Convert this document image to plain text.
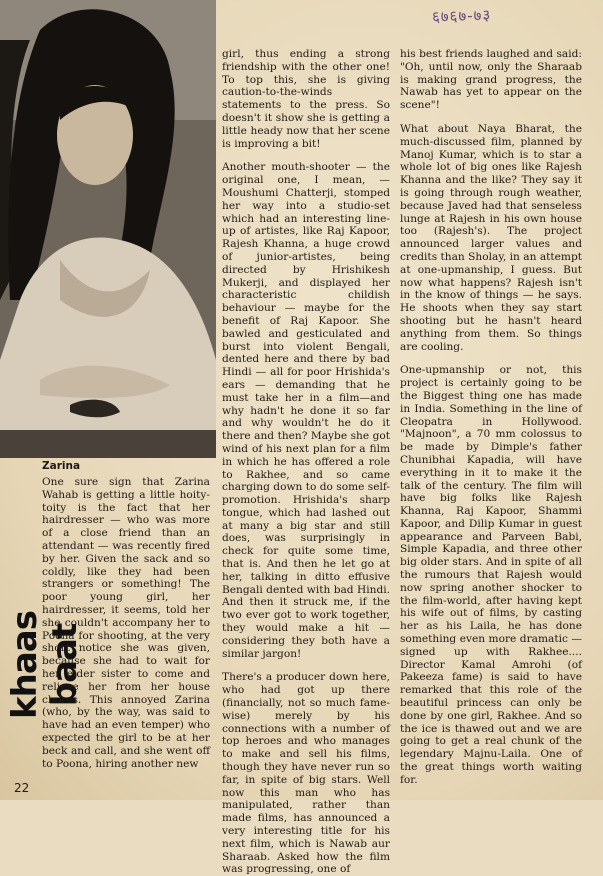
६७६७-७३
Zarina
khaas baat
22

One sure sign that Zarina Wahab is getting a little hoity-toity is the fact that her hairdresser — who was more of a close friend than an attendant — was recently fired by her. Given the sack and so coldly, like they had been strangers or something! The poor young girl, her hairdresser, it seems, told her she couldn't accompany her to Poona for shooting, at the very short notice she was given, because she had to wait for her elder sister to come and relieve her from her house chores. This annoyed Zarina (who, by the way, was said to have had an even temper) who expected the girl to be at her beck and call, and she went off to Poona, hiring another new

girl, thus ending a strong friendship with the other one! To top this, she is giving caution-to-the-winds statements to the press. So doesn't it show she is getting a little heady now that her scene is improving a bit!

Another mouth-shooter — the original one, I mean, — Moushumi Chatterji, stomped her way into a studio-set which had an interesting line-up of artistes, like Raj Kapoor, Rajesh Khanna, a huge crowd of junior-artistes, being directed by Hrishikesh Mukerji, and displayed her characteristic childish behaviour — maybe for the benefit of Raj Kapoor. She bawled and gesticulated and burst into violent Bengali, dented here and there by bad Hindi — all for poor Hrishida's ears — demanding that he must take her in a film—and why hadn't he done it so far and why wouldn't he do it there and then? Maybe she got wind of his next plan for a film in which he has offered a role to Rakhee, and so came charging down to do some self-promotion. Hrishida's sharp tongue, which had lashed out at many a big star and still does, was surprisingly in check for quite some time, that is. And then he let go at her, talking in ditto effusive Bengali dented with bad Hindi. And then it struck me, if the two ever got to work together, they would make a hit — considering they both have a similar jargon!

There's a producer down here, who had got up there (financially, not so much fame-wise) merely by his connections with a number of top heroes and who manages to make and sell his films, though they have never run so far, in spite of big stars. Well now this man who has manipulated, rather than made films, has announced a very interesting title for his next film, which is Nawab aur Sharaab. Asked how the film was progressing, one of

his best friends laughed and said: "Oh, until now, only the Sharaab is making grand progress, the Nawab has yet to appear on the scene"!

What about Naya Bharat, the much-discussed film, planned by Manoj Kumar, which is to star a whole lot of big ones like Rajesh Khanna and the like? They say it is going through rough weather, because Javed had that senseless lunge at Rajesh in his own house too (Rajesh's). The project announced larger values and credits than Sholay, in an attempt at one-upmanship, I guess. But now what happens? Rajesh isn't in the know of things — he says. He shoots when they say start shooting but he hasn't heard anything from them. So things are cooling.

One-upmanship or not, this project is certainly going to be the Biggest thing one has made in India. Something in the line of Cleopatra in Hollywood. "Majnoon", a 70 mm colossus to be made by Dimple's father Chunibhai Kapadia, will have everything in it to make it the talk of the century. The film will have big folks like Rajesh Khanna, Raj Kapoor, Shammi Kapoor, and Dilip Kumar in guest appearance and Parveen Babi, Simple Kapadia, and three other big older stars. And in spite of all the rumours that Rajesh would now spring another shocker to the film-world, after having kept his wife out of films, by casting her as his Laila, he has done something even more dramatic — signed up with Rakhee.... Director Kamal Amrohi (of Pakeeza fame) is said to have remarked that this role of the beautiful princess can only be done by one girl, Rakhee. And so the ice is thawed out and we are going to get a real chunk of the legendary Majnu-Laila. One of the great things worth waiting for.
